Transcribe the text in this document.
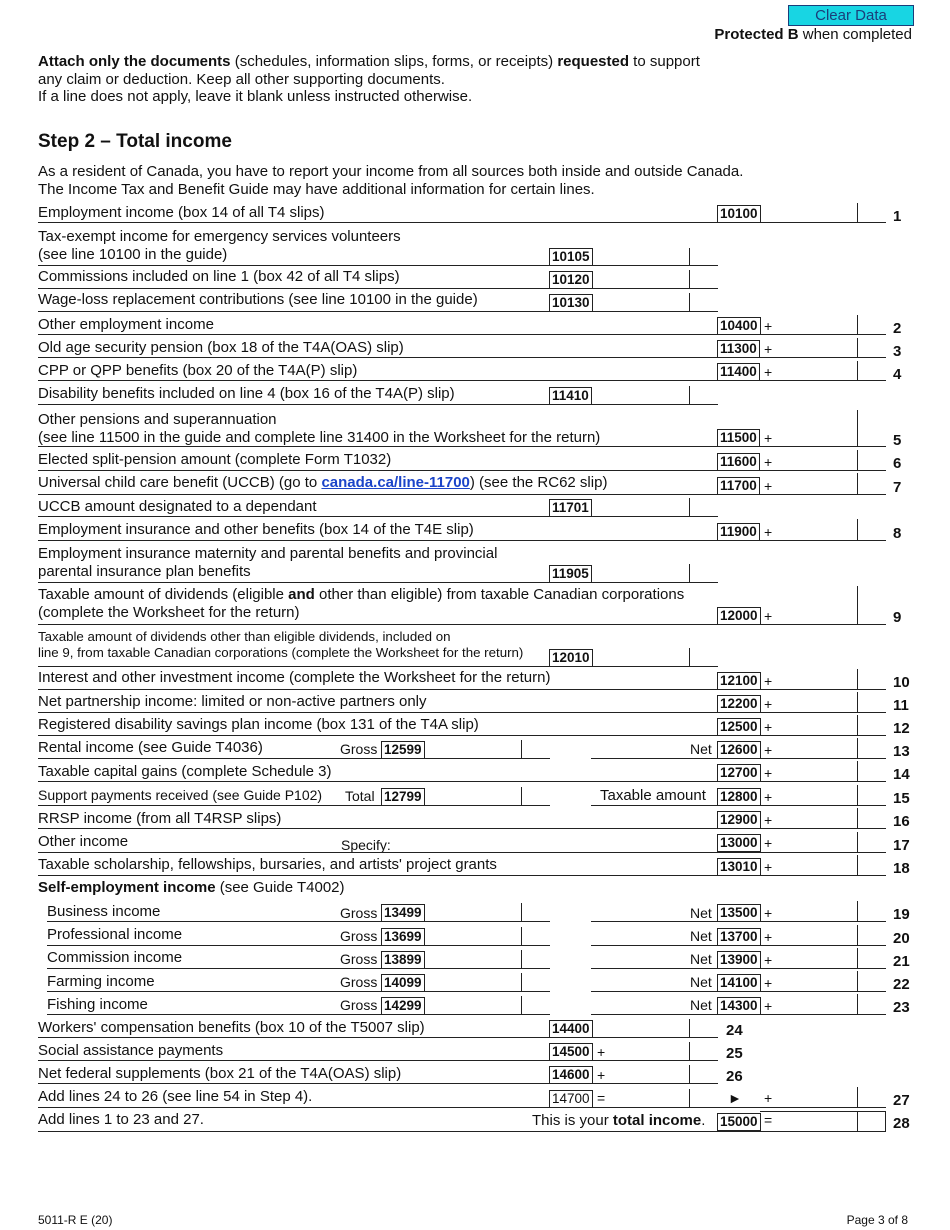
Clear Data
Protected B when completed
Attach only the documents (schedules, information slips, forms, or receipts) requested to support
any claim or deduction. Keep all other supporting documents.
If a line does not apply, leave it blank unless instructed otherwise.
Step 2 – Total income
As a resident of Canada, you have to report your income from all sources both inside and outside Canada.
The Income Tax and Benefit Guide may have additional information for certain lines.
Employment income (box 14 of all T4 slips)	10100	1
Tax-exempt income for emergency services volunteers
(see line 10100 in the guide)	10105
Commissions included on line 1 (box 42 of all T4 slips)	10120
Wage-loss replacement contributions (see line 10100 in the guide)	10130
Other employment income	10400 +	2
Old age security pension (box 18 of the T4A(OAS) slip)	11300 +	3
CPP or QPP benefits (box 20 of the T4A(P) slip)	11400 +	4
Disability benefits included on line 4 (box 16 of the T4A(P) slip)	11410
Other pensions and superannuation
(see line 11500 in the guide and complete line 31400 in the Worksheet for the return)	11500 +	5
Elected split-pension amount (complete Form T1032)	11600 +	6
Universal child care benefit (UCCB) (go to canada.ca/line-11700) (see the RC62 slip)	11700 +	7
UCCB amount designated to a dependant	11701
Employment insurance and other benefits (box 14 of the T4E slip)	11900 +	8
Employment insurance maternity and parental benefits and provincial
parental insurance plan benefits	11905
Taxable amount of dividends (eligible and other than eligible) from taxable Canadian corporations
(complete the Worksheet for the return)	12000 +	9
Taxable amount of dividends other than eligible dividends, included on
line 9, from taxable Canadian corporations (complete the Worksheet for the return) 12010
Interest and other investment income (complete the Worksheet for the return)	12100 +	10
Net partnership income: limited or non-active partners only	12200 +	11
Registered disability savings plan income (box 131 of the T4A slip)	12500 +	12
Rental income (see Guide T4036)	Gross 12599	Net 12600 +	13
Taxable capital gains (complete Schedule 3)	12700 +	14
Support payments received (see Guide P102) Total 12799	Taxable amount 12800 +	15
RRSP income (from all T4RSP slips)	12900 +	16
Other income	Specify:	13000 +	17
Taxable scholarship, fellowships, bursaries, and artists' project grants	13010 +	18
Self-employment income (see Guide T4002)
Business income	Gross 13499	Net 13500 +	19
Professional income	Gross 13699	Net 13700 +	20
Commission income	Gross 13899	Net 13900 +	21
Farming income	Gross 14099	Net 14100 +	22
Fishing income	Gross 14299	Net 14300 +	23
Workers' compensation benefits (box 10 of the T5007 slip)	14400	24
Social assistance payments	14500 +	25
Net federal supplements (box 21 of the T4A(OAS) slip)	14600 +	26
Add lines 24 to 26 (see line 54 in Step 4).	14700 =	► +	27
Add lines 1 to 23 and 27.	This is your total income. 15000 =	28
5011-R E (20)	Page 3 of 8
